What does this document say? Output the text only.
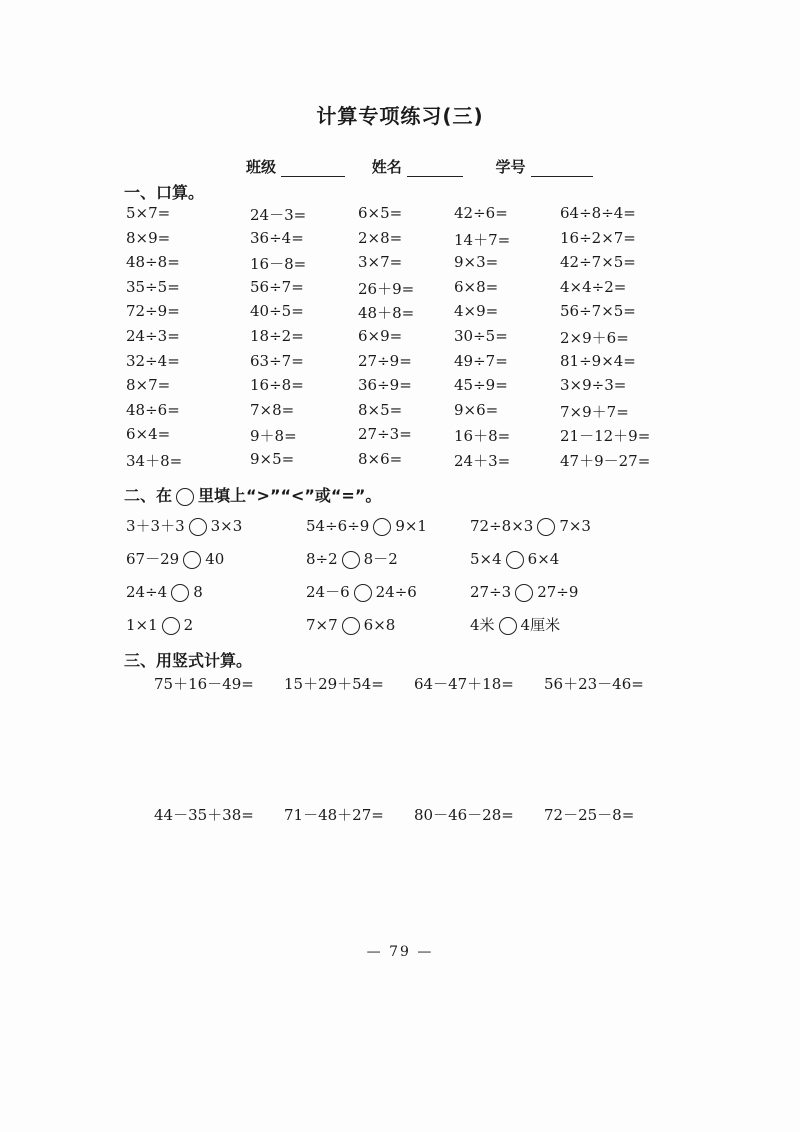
计算专项练习(三)
班级	姓名	学号
一、口算。
5×7=	24－3=	6×5=	42÷6=	64÷8÷4=
8×9=	36÷4=	2×8=	14＋7=	16÷2×7=
48÷8=	16－8=	3×7=	9×3=	42÷7×5=
35÷5=	56÷7=	26＋9=	6×8=	4×4÷2=
72÷9=	40÷5=	48＋8=	4×9=	56÷7×5=
24÷3=	18÷2=	6×9=	30÷5=	2×9＋6=
32÷4=	63÷7=	27÷9=	49÷7=	81÷9×4=
8×7=	16÷8=	36÷9=	45÷9=	3×9÷3=
48÷6=	7×8=	8×5=	9×6=	7×9＋7=
6×4=	9＋8=	27÷3=	16＋8=	21－12＋9=
34＋8=	9×5=	8×6=	24＋3=	47＋9－27=
二、在 里填上“>”“<”或“=”。
3＋3＋3 3×3	54÷6÷9 9×1	72÷8×3 7×3
67－29 40	8÷2 8－2	5×4 6×4
24÷4 8	24－6 24÷6	27÷3 27÷9
1×1 2	7×7 6×8	4米 4厘米
三、用竖式计算。
75＋16－49= 15＋29＋54= 64－47＋18= 56＋23－46=
44－35＋38= 71－48＋27= 80－46－28= 72－25－8=
— 79 —
